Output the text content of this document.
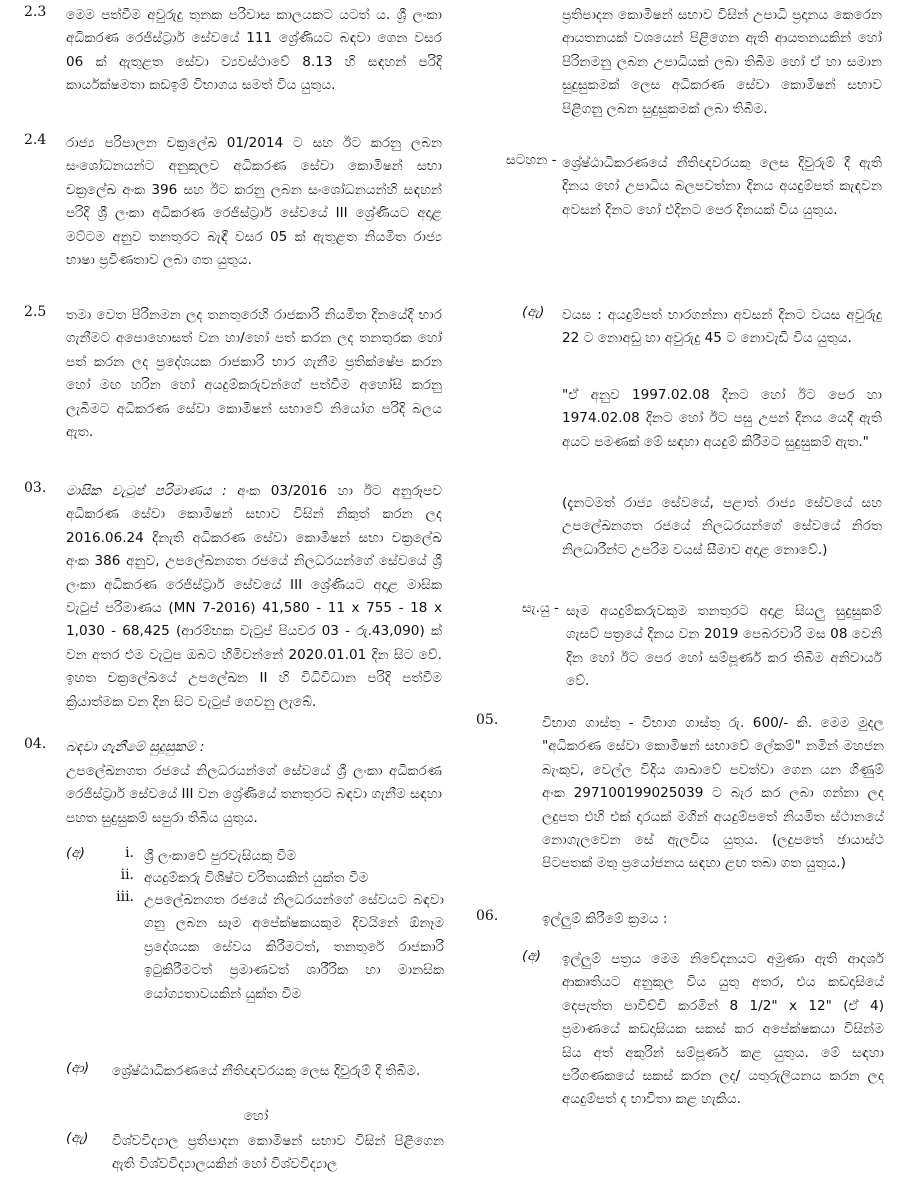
2.3 මෙම පත්වීම අවුරුදු තුනක පරිවාස කාලයකට යටත් ය. ශ්‍රී ලංකා අධිකරණ රෙජිස්ට්‍රාර් සේවයේ 111 ශ්‍රේණියට බඳවා ගෙන වසර 06 ක් ඇතුළත සේවා ව්‍යවස්ථාවේ 8.13 හි සඳහන් පරිදි කාර්යක්ෂමතා කඩඉම් විභාගය සමත් විය යුතුය.
2.4 රාජ්‍ය පරිපාලන චක්‍රලේඛ 01/2014 ට සහ ඊට කරනු ලබන සංශෝධනයන්ට අනුකූලව අධිකරණ සේවා කොමිෂන් සභා චක්‍රලේඛ අංක 396 සහ ඊට කරනු ලබන සංශෝධනයන්හි සඳහන් පරිදි ශ්‍රී ලංකා අධිකරණ රෙජිස්ට්‍රාර් සේවයේ III ශ්‍රේණියට අදාළ මට්ටම අනුව තනතුරට බැඳී වසර 05 ක් ඇතුළත නියමිත රාජ්‍ය භාෂා ප්‍රවීණතාව ලබා ගත යුතුය.
2.5 තමා වෙත පිරිනමන ලද තනතුරෙහි රාජකාරි නියමිත දිනයේදී භාර ගැනීමට අපොහොසත් වන හා/හෝ පත් කරන ලද තනතුරක හෝ පත් කරන ලද ප්‍රදේශයක රාජකාරි භාර ගැනීම ප්‍රතික්ෂේප කරන හෝ මඟ හරින හෝ අයදුම්කරුවන්ගේ පත්වීම අහෝසි කරනු ලැබීමට අධිකරණ සේවා කොමිෂන් සභාවේ නියෝග පරිදි බලය ඇත.
03. මාසික වැටුප් පරිමාණය : අංක 03/2016 හා ඊට අනුරූපව අධිකරණ සේවා කොමිෂන් සභාව විසින් නිකුත් කරන ලද 2016.06.24 දිනැති අධිකරණ සේවා කොමිෂන් සභා චක්‍රලේඛ අංක 386 අනුව, උපලේඛනගත රජයේ නිලධරයන්ගේ සේවයේ ශ්‍රී ලංකා අධිකරණ රෙජිස්ට්‍රාර් සේවයේ III ශ්‍රේණියට අදාළ මාසික වැටුප් පරිමාණය (MN 7-2016) 41,580 - 11 x 755 - 18 x 1,030 - 68,425 (ආරම්භක වැටුප් පියවර 03 - රු.43,090) ක් වන අතර එම වැටුප ඔබට හිමිවන්නේ 2020.01.01 දින සිට වේ. ඉහත චක්‍රලේඛයේ උපලේඛන II හි විධිවිධාන පරිදි පත්වීම ක්‍රියාත්මක වන දින සිට වැටුප් ගෙවනු ලැබේ.
04. බඳවා ගැනීමේ සුදුසුකම් :
උපලේඛනගත රජයේ නිලධරයන්ගේ සේවයේ ශ්‍රී ලංකා අධිකරණ රෙජිස්ට්‍රාර් සේවයේ III වන ශ්‍රේණියේ තනතුරට බඳවා ගැනීම සඳහා පහත සුදුසුකම් සපුරා තිබිය යුතුය.
(අ)	i. ශ්‍රී ලංකාවේ පුරවැසියකු වීම
ii. අයදුම්කරු විශිෂ්ට චරිතයකින් යුක්ත වීම
iii. උපලේඛනගත රජයේ නිලධරයන්ගේ සේවයට බඳවා ගනු ලබන සෑම අපේක්ෂකයකුම දිවයිනේ ඕනෑම ප්‍රදේශයක සේවය කිරීමටත්, තනතුරේ රාජකාරි ඉටුකිරීමටත් ප්‍රමාණවත් ශාරීරික හා මානසික යෝග්‍යතාවයකින් යුක්ත වීම
(ආ) ශ්‍රේෂ්ඨාධිකරණයේ නීතිඥවරයකු ලෙස දිවුරුම් දී තිබීම.
හෝ
(ඇ) විශ්වවිද්‍යාල ප්‍රතිපාදන කොමිෂන් සභාව විසින් පිළිගෙන ඇති විශ්වවිද්‍යාලයකින් හෝ විශ්වවිද්‍යාල
ප්‍රතිපාදන කොමිෂන් සභාව විසින් උපාධි ප්‍රදානය කෙරෙන ආයතනයක් වශයෙන් පිළිගෙන ඇති ආයතනයකින් හෝ පිරිනමනු ලබන උපාධියක් ලබා තිබීම හෝ ඒ හා සමාන සුදුසුකමක් ලෙස අධිකරණ සේවා කොමිෂන් සභාව පිළිගනු ලබන සුදුසුකමක් ලබා තිබීම.
සටහන - ශ්‍රේෂ්ඨාධිකරණයේ නීතිඥවරයකු ලෙස දිවුරුම් දී ඇති දිනය හෝ උපාධිය බලපවත්නා දිනය අයදුම්පත් කැඳවන අවසන් දිනට හෝ එදිනට පෙර දිනයක් විය යුතුය.
(ඇ) වයස : අයදුම්පත් භාරගන්නා අවසන් දිනට වයස අවුරුදු 22 ට නොඅඩු හා අවුරුදු 45 ට නොවැඩි විය යුතුය.
"ඒ අනුව 1997.02.08 දිනට හෝ ඊට පෙර හා 1974.02.08 දිනට හෝ ඊට පසු උපන් දිනය යෙදී ඇති අයට පමණක් මේ සඳහා අයදුම් කිරීමට සුදුසුකම් ඇත."
(දැනටමත් රාජ්‍ය සේවයේ, පළාත් රාජ්‍ය සේවයේ සහ උපලේඛනගත රජයේ නිලධරයන්ගේ සේවයේ නිරත නිලධාරීන්ට උපරිම වයස් සීමාව අදාළ නොවේ.)
සැ.යු - සෑම අයදුම්කරුවකුම තනතුරට අදාළ සියලු සුදුසුකම් ගැසට් පත්‍රයේ දිනය වන 2019 පෙබරවාරි මස 08 වෙනි දින හෝ ඊට පෙර හෝ සම්පූර්ණ කර තිබීම අනිවාර්ය වේ.
05.	විභාග ගාස්තු - විභාග ගාස්තු රු. 600/- කි. මෙම මුදල "අධිකරණ සේවා කොමිෂන් සභාවේ ලේකම්" නමින් මහජන බැංකුව, වෙල්ල විදිය ශාඛාවේ පවත්වා ගෙන යන ගිණුම් අංක 297100199025039 ට බැර කර ලබා ගන්නා ලද ලදුපත එහි එක් දාරයක් මගින් අයදුම්පතේ නියමිත ස්ථානයේ නොගැලවෙන සේ ඇලවිය යුතුය. (ලදුපතේ ඡායාස්ථ පිටපතක් මතු ප්‍රයෝජනය සඳහා ළඟ තබා ගත යුතුය.)
06.	ඉල්ලුම් කිරීමේ ක්‍රමය :
(අ) ඉල්ලුම් පත්‍රය මෙම නිවේදනයට අමුණා ඇති ආදර්ශ ආකෘතියට අනුකූල විය යුතු අතර, එය කඩදාසියේ දෙපැත්ත පාවිච්චි කරමින් 8 1/2" x 12" (ඒ 4) ප්‍රමාණයේ කඩදාසියක සකස් කර අපේක්ෂකයා විසින්ම සිය අත් අකුරින් සම්පූර්ණ කළ යුතුය. මේ සඳහා පරිගණකයේ සකස් කරන ලද/ යතුරුලියනය කරන ලද අයදුම්පත් ද භාවිතා කළ හැකිය.
